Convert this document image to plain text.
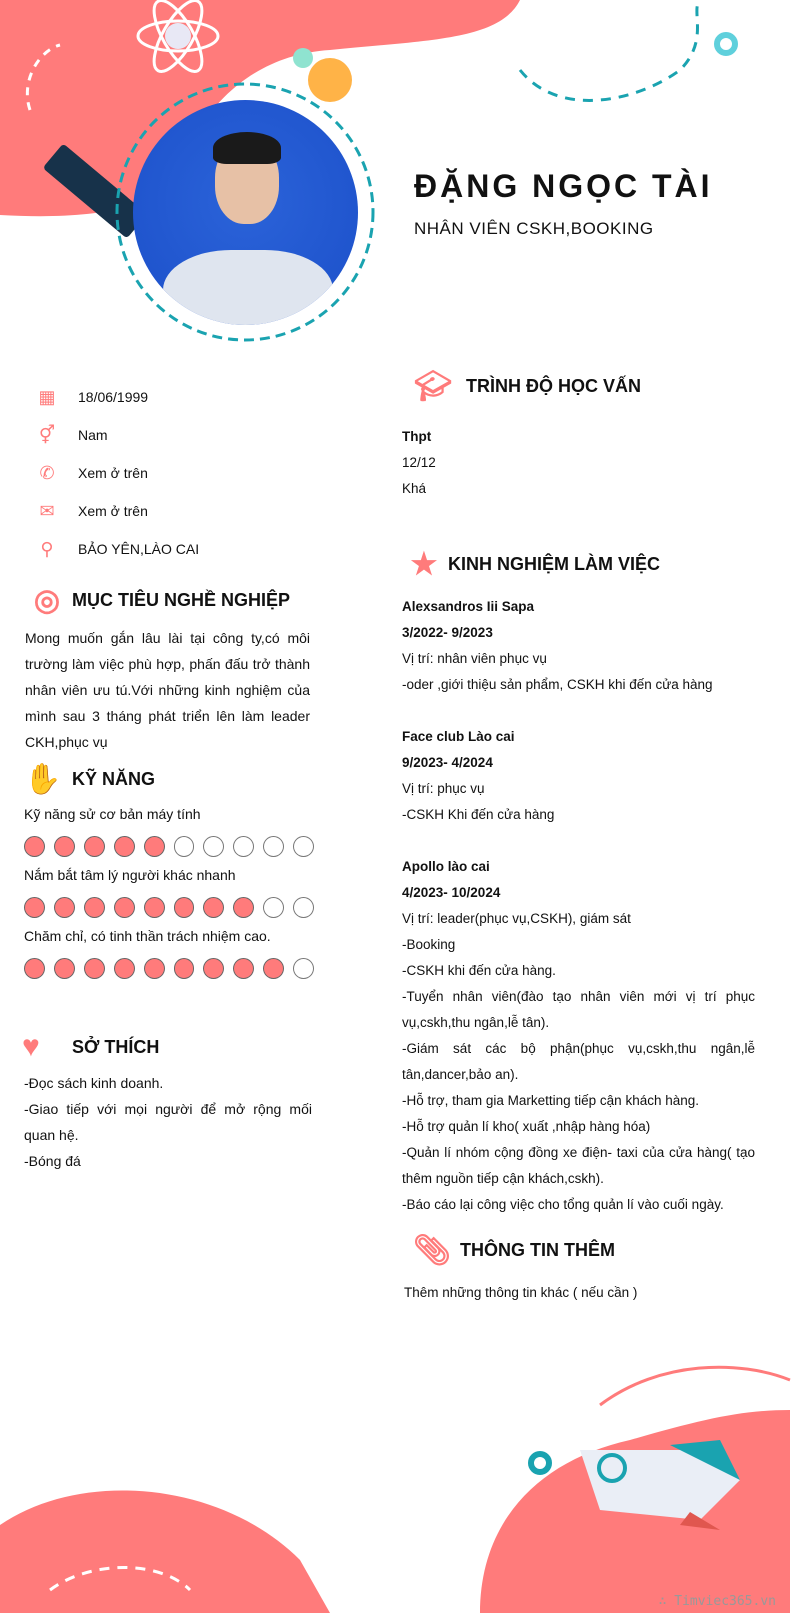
ĐẶNG NGỌC TÀI
NHÂN VIÊN CSKH,BOOKING
▦	18/06/1999
⚥	Nam
✆	Xem ở trên
✉	Xem ở trên
⚲	BẢO YÊN,LÀO CAI
◎ MỤC TIÊU NGHỀ NGHIỆP
Mong muốn gắn lâu lài tại công ty,có môi trường làm việc phù hợp, phấn đấu trở thành nhân viên ưu tú.Với những kinh nghiệm của mình sau 3 tháng phát triển lên làm leader CKH,phục vụ
✋ KỸ NĂNG
Kỹ năng sử cơ bản máy tính
Nắm bắt tâm lý người khác nhanh
Chăm chỉ, có tinh thần trách nhiệm cao.
♥	SỞ THÍCH
-Đọc sách kinh doanh.
-Giao tiếp với mọi người để mở rộng mối quan hệ.
-Bóng đá
🎓︎ TRÌNH ĐỘ HỌC VẤN

Thpt

12/12

Khá

★ KINH NGHIỆM LÀM VIỆC

Alexsandros Iii Sapa

3/2022- 9/2023

Vị trí: nhân viên phục vụ

-oder ,giới thiệu sản phẩm, CSKH khi đến cửa hàng

Face club Lào cai

9/2023- 4/2024

Vị trí: phục vụ

-CSKH Khi đến cửa hàng

Apollo lào cai

4/2023- 10/2024

Vị trí: leader(phục vụ,CSKH), giám sát

-Booking

-CSKH khi đến cửa hàng.

-Tuyển nhân viên(đào tạo nhân viên mới vị trí phục vụ,cskh,thu ngân,lễ tân).

-Giám sát các bộ phận(phục vụ,cskh,thu ngân,lễ tân,dancer,bảo an).

-Hỗ trợ, tham gia Marketting tiếp cận khách hàng.

-Hỗ trợ quản lí kho( xuất ,nhập hàng hóa)

-Quản lí nhóm cộng đồng xe điện- taxi của cửa hàng( tạo thêm nguồn tiếp cận khách,cskh).

-Báo cáo lại công việc cho tổng quản lí vào cuối ngày.

📎︎ THÔNG TIN THÊM

Thêm những thông tin khác ( nếu cần )

∴ Timviec365.vn
